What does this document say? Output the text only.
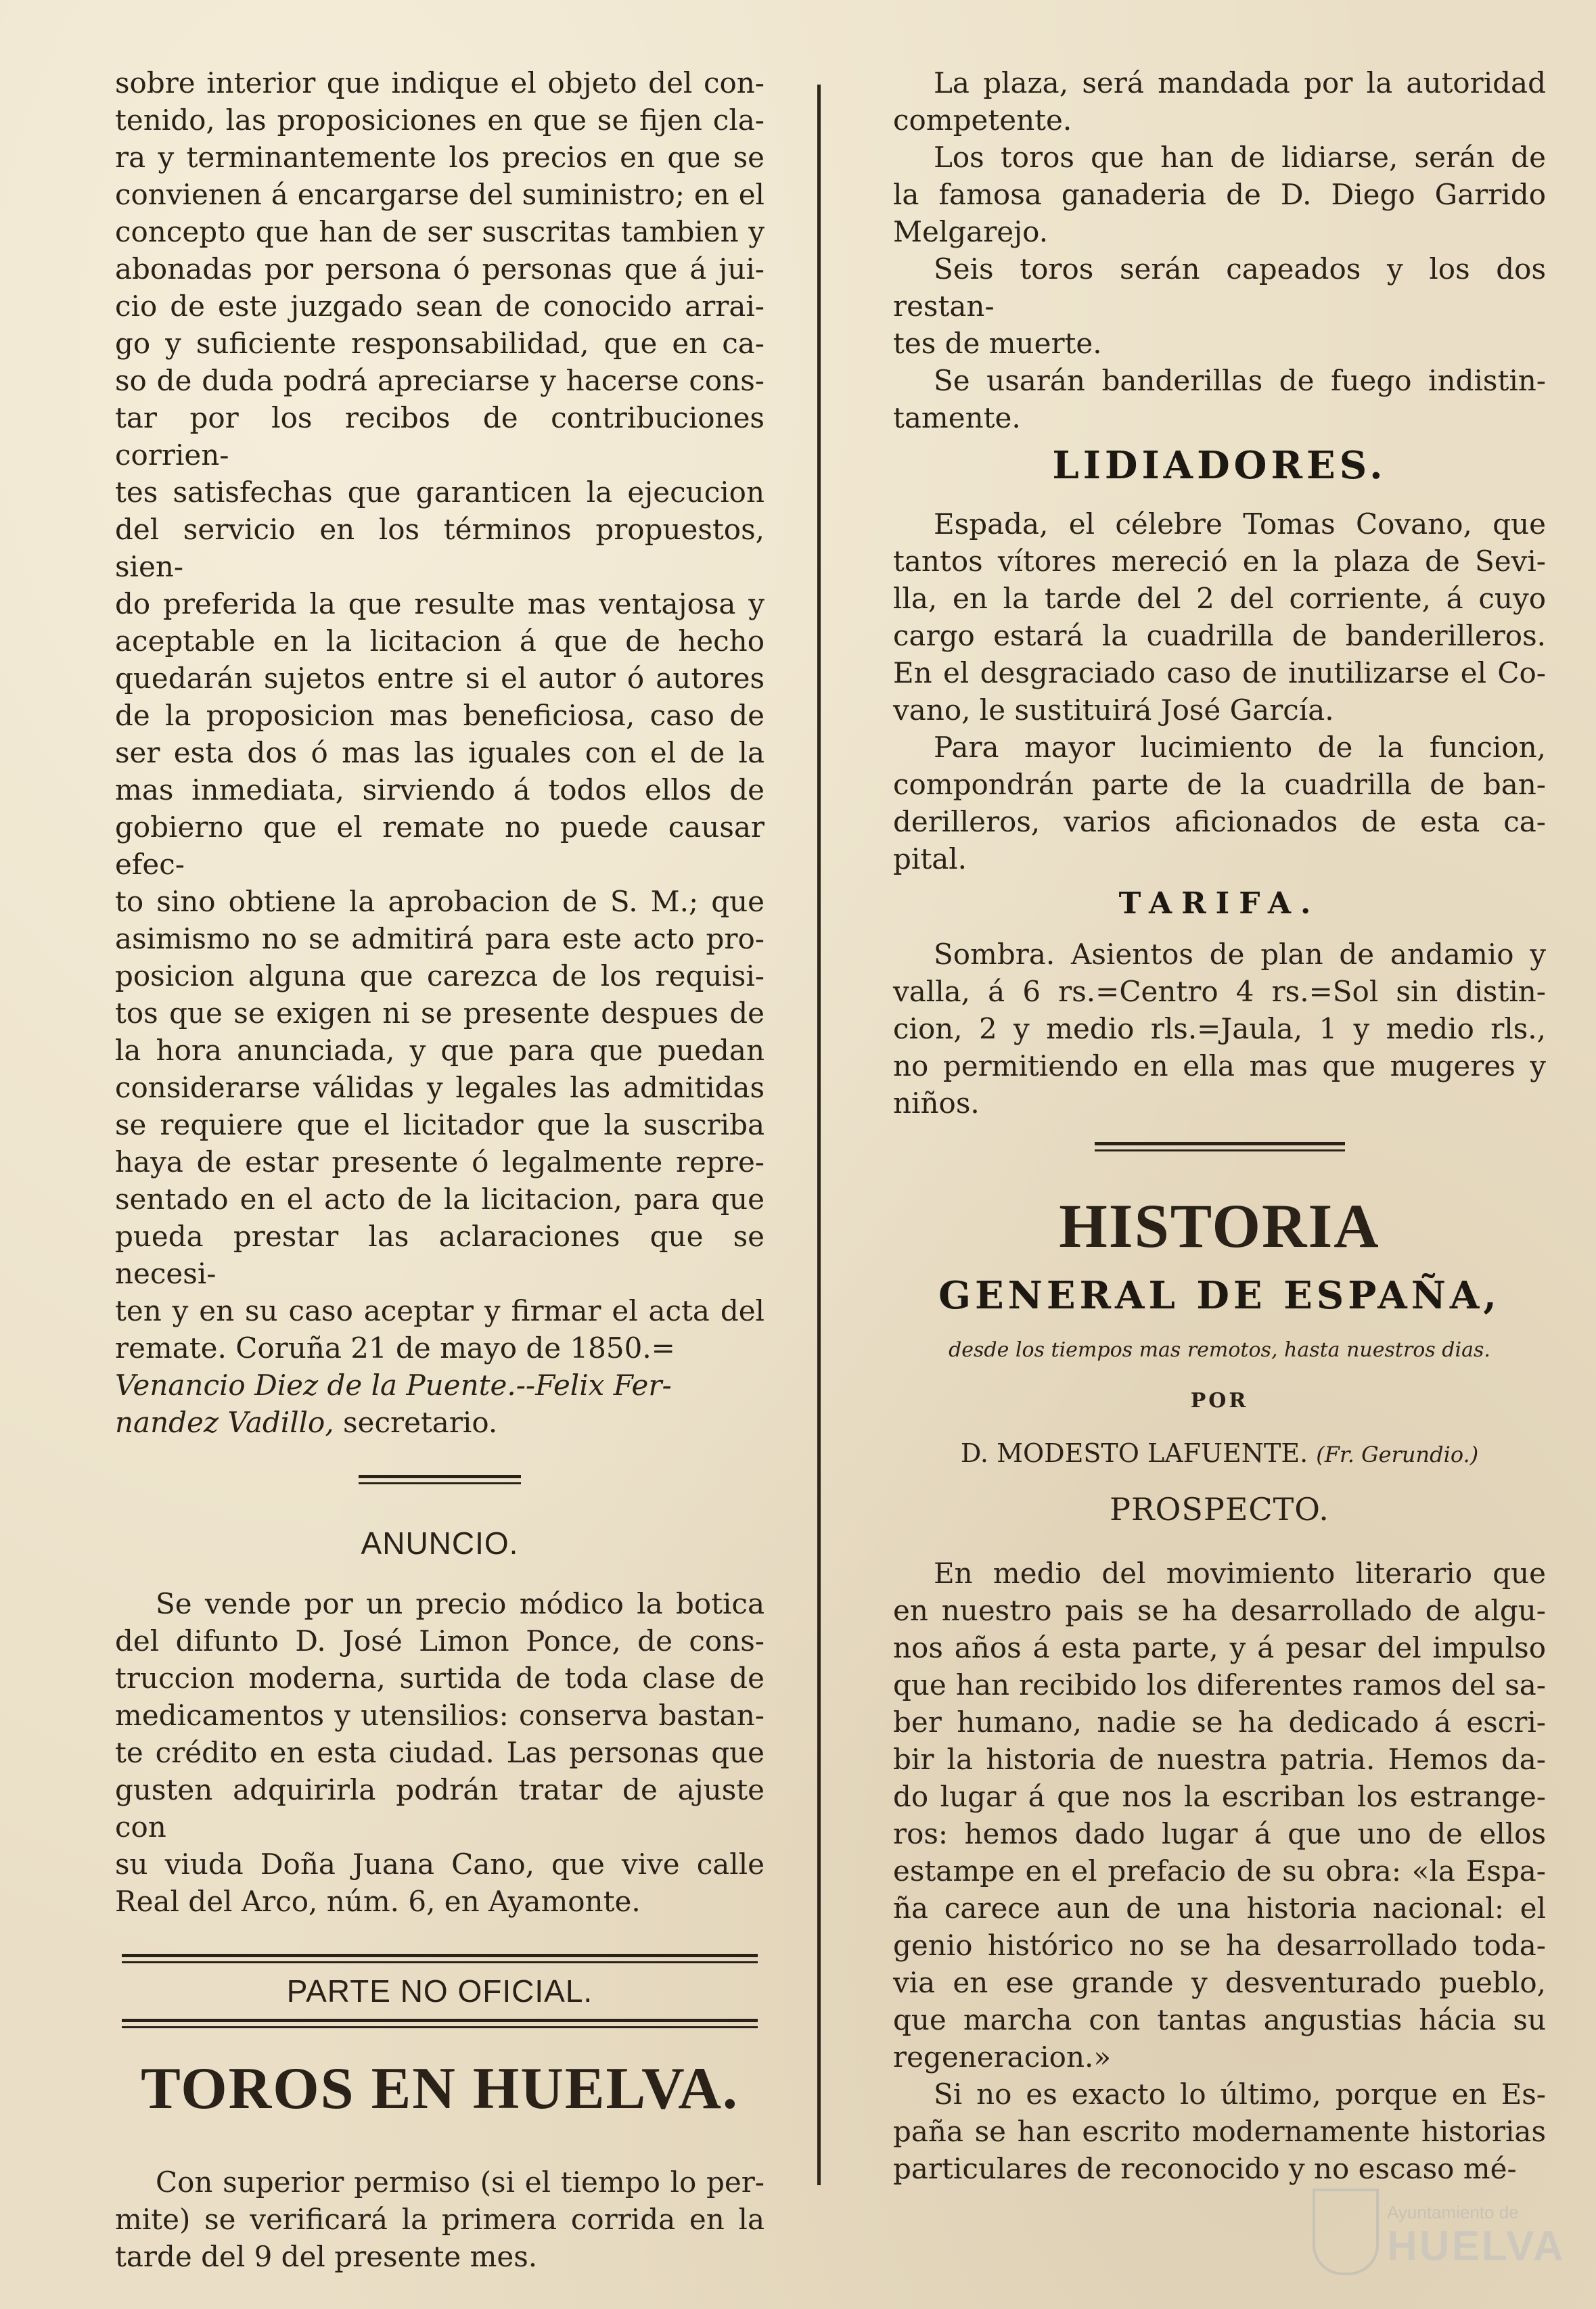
sobre interior que indique el objeto del con-

tenido, las proposiciones en que se fijen cla-

ra y terminantemente los precios en que se

convienen á encargarse del suministro; en el

concepto que han de ser suscritas tambien y

abonadas por persona ó personas que á jui-

cio de este juzgado sean de conocido arrai-

go y suficiente responsabilidad, que en ca-

so de duda podrá apreciarse y hacerse cons-

tar por los recibos de contribuciones corrien-

tes satisfechas que garanticen la ejecucion

del servicio en los términos propuestos, sien-

do preferida la que resulte mas ventajosa y

aceptable en la licitacion á que de hecho

quedarán sujetos entre si el autor ó autores

de la proposicion mas beneficiosa, caso de

ser esta dos ó mas las iguales con el de la

mas inmediata, sirviendo á todos ellos de

gobierno que el remate no puede causar efec-

to sino obtiene la aprobacion de S. M.; que

asimismo no se admitirá para este acto pro-

posicion alguna que carezca de los requisi-

tos que se exigen ni se presente despues de

la hora anunciada, y que para que puedan

considerarse válidas y legales las admitidas

se requiere que el licitador que la suscriba

haya de estar presente ó legalmente repre-

sentado en el acto de la licitacion, para que

pueda prestar las aclaraciones que se necesi-

ten y en su caso aceptar y firmar el acta del

remate. Coruña 21 de mayo de 1850.=

Venancio Diez de la Puente.--Felix Fer-

nandez Vadillo, secretario.

ANUNCIO.

Se vende por un precio módico la botica

del difunto D. José Limon Ponce, de cons-

truccion moderna, surtida de toda clase de

medicamentos y utensilios: conserva bastan-

te crédito en esta ciudad. Las personas que

gusten adquirirla podrán tratar de ajuste con

su viuda Doña Juana Cano, que vive calle

Real del Arco, núm. 6, en Ayamonte.

PARTE NO OFICIAL.

TOROS EN HUELVA.

Con superior permiso (si el tiempo lo per-

mite) se verificará la primera corrida en la

tarde del 9 del presente mes.

La plaza, será mandada por la autoridad

competente.

Los toros que han de lidiarse, serán de

la famosa ganaderia de D. Diego Garrido

Melgarejo.

Seis toros serán capeados y los dos restan-

tes de muerte.

Se usarán banderillas de fuego indistin-

tamente.

LIDIADORES.

Espada, el célebre Tomas Covano, que

tantos vítores mereció en la plaza de Sevi-

lla, en la tarde del 2 del corriente, á cuyo

cargo estará la cuadrilla de banderilleros.

En el desgraciado caso de inutilizarse el Co-

vano, le sustituirá José García.

Para mayor lucimiento de la funcion,

compondrán parte de la cuadrilla de ban-

derilleros, varios aficionados de esta ca-

pital.

TARIFA.

Sombra. Asientos de plan de andamio y

valla, á 6 rs.=Centro 4 rs.=Sol sin distin-

cion, 2 y medio rls.=Jaula, 1 y medio rls.,

no permitiendo en ella mas que mugeres y

niños.

HISTORIA

GENERAL DE ESPAÑA,

desde los tiempos mas remotos, hasta nuestros dias.

POR

D. MODESTO LAFUENTE. (Fr. Gerundio.)

PROSPECTO.

En medio del movimiento literario que

en nuestro pais se ha desarrollado de algu-

nos años á esta parte, y á pesar del impulso

que han recibido los diferentes ramos del sa-

ber humano, nadie se ha dedicado á escri-

bir la historia de nuestra patria. Hemos da-

do lugar á que nos la escriban los estrange-

ros: hemos dado lugar á que uno de ellos

estampe en el prefacio de su obra: «la Espa-

ña carece aun de una historia nacional: el

genio histórico no se ha desarrollado toda-

via en ese grande y desventurado pueblo,

que marcha con tantas angustias hácia su

regeneracion.»

Si no es exacto lo último, porque en Es-

paña se han escrito modernamente historias

particulares de reconocido y no escaso mé-

Ayuntamiento de
HUELVA
